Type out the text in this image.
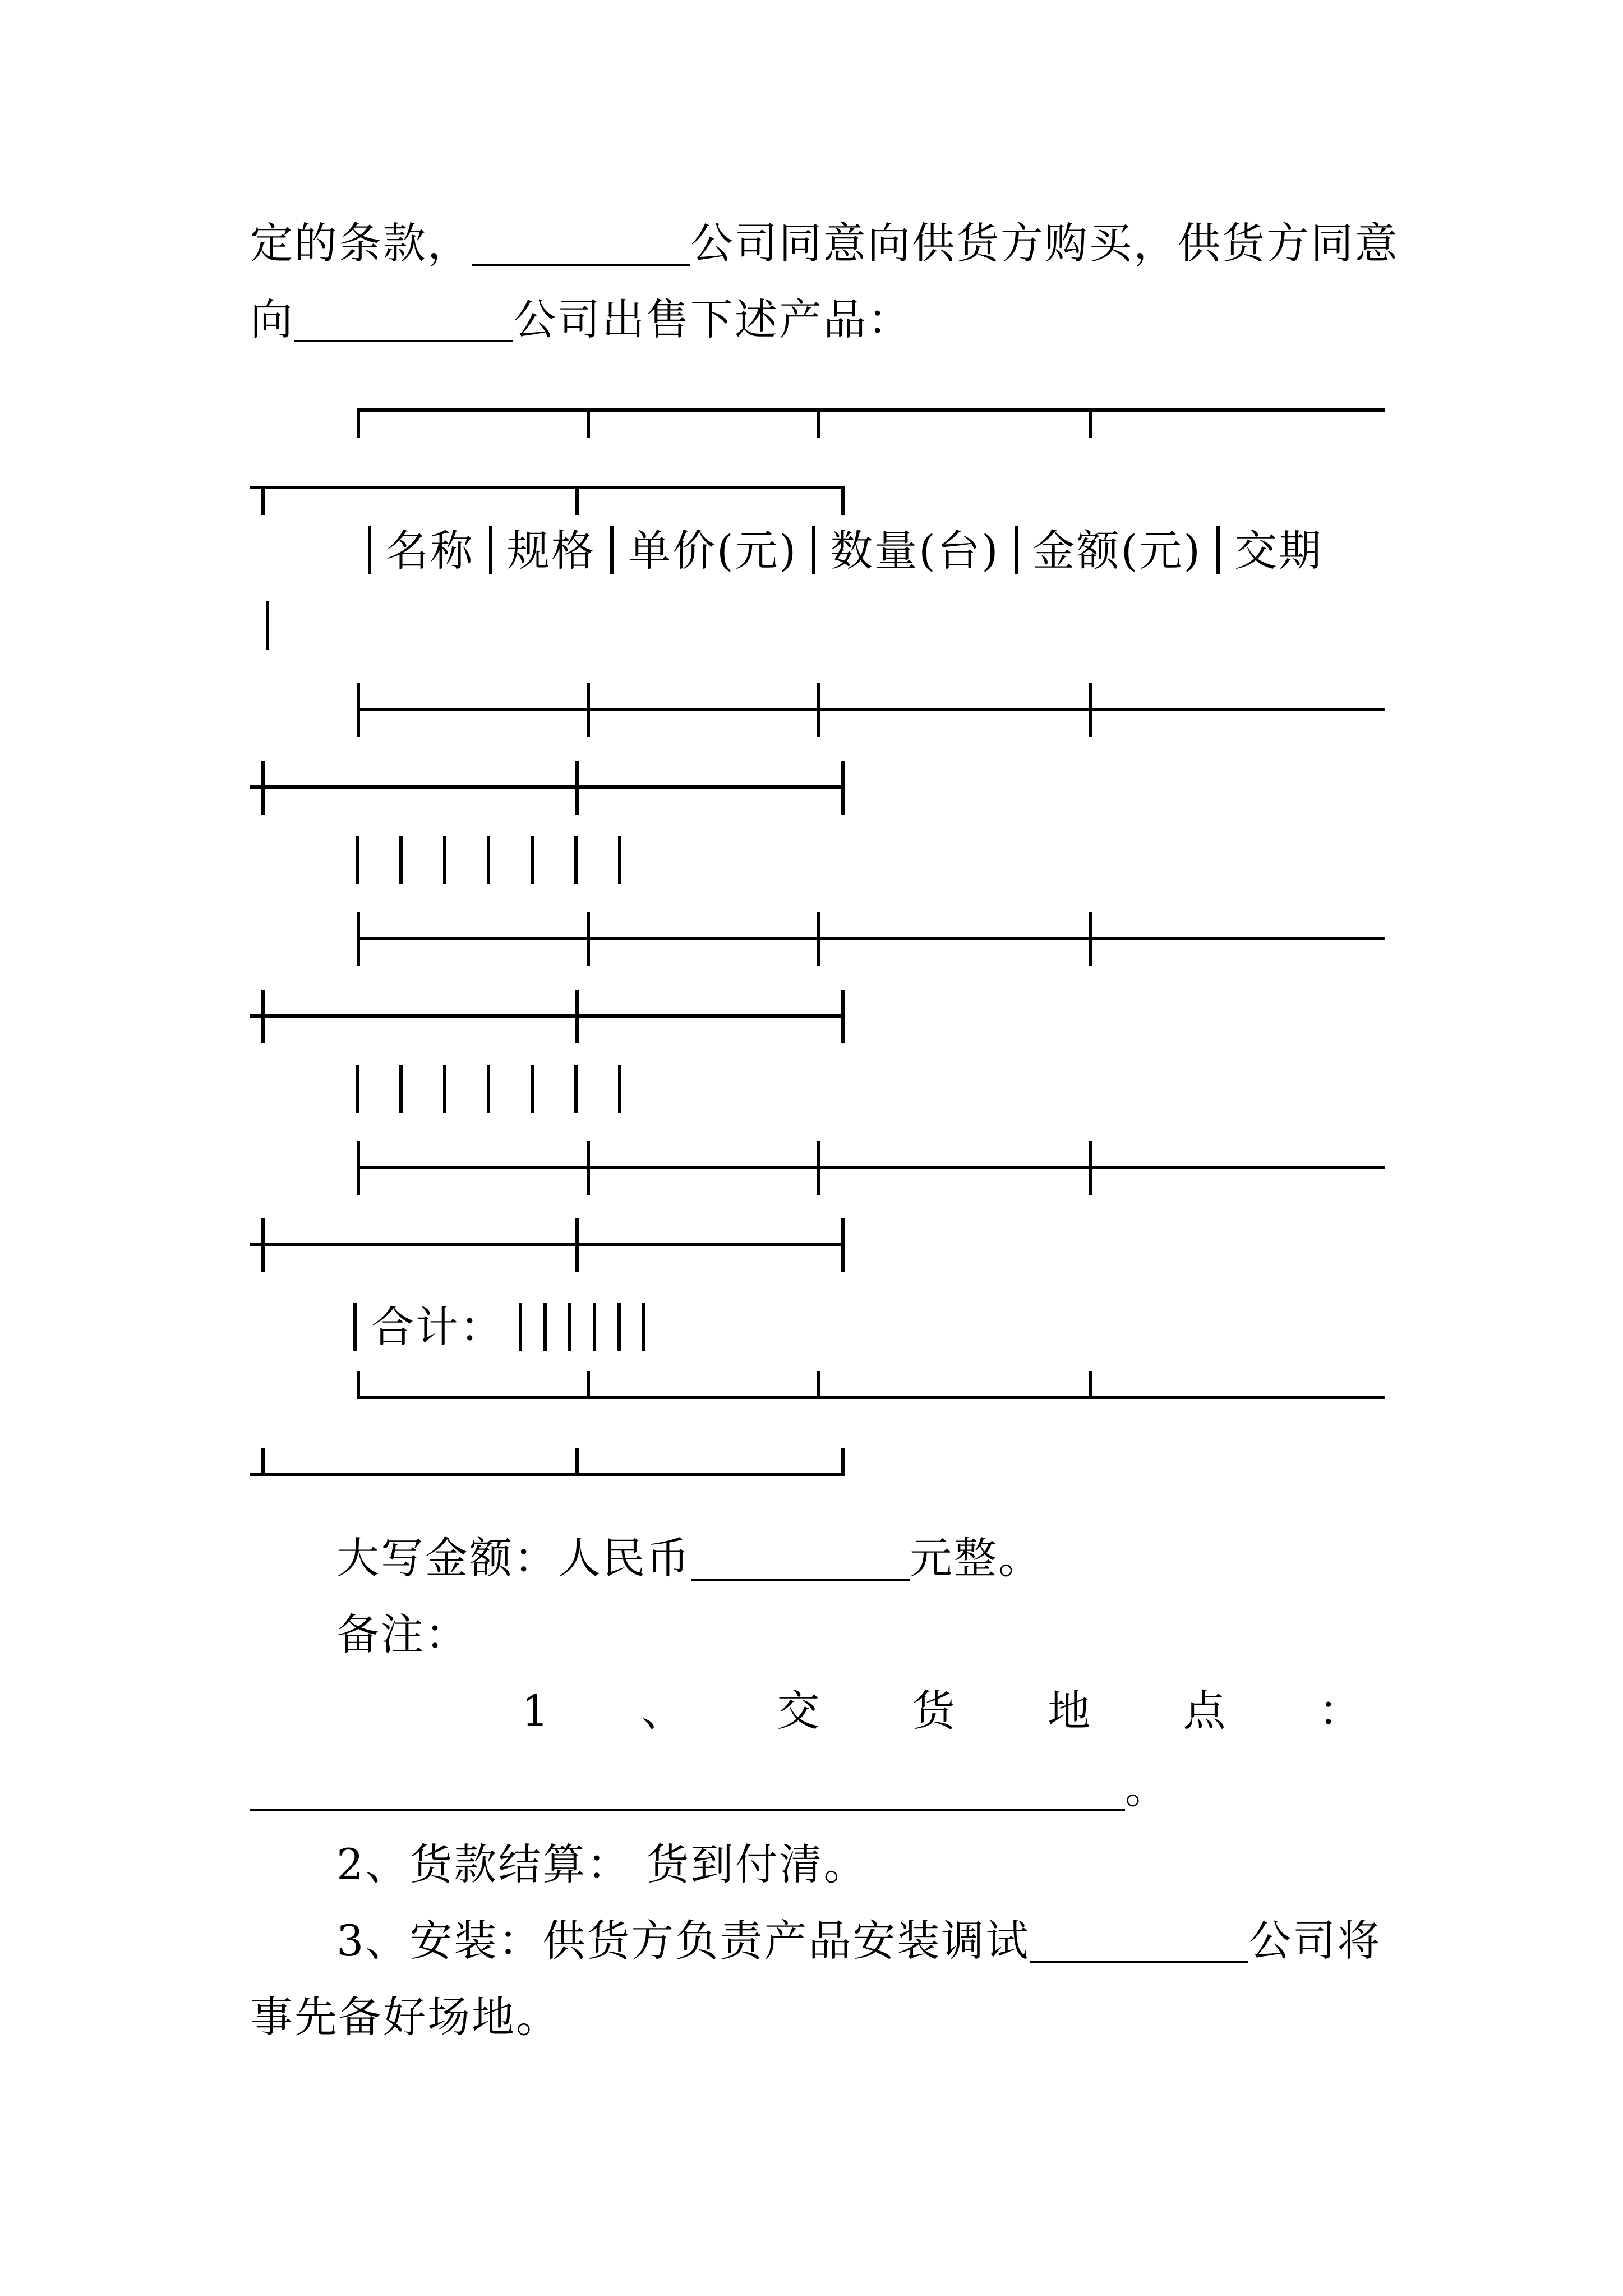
定的条款，	公司同意向供货方购买，供货方同意
向	公司出售下述产品：
名称 规格 单价(元) 数量(台) 金额(元) 交期
合计：
大写金额：人民币	元整。
备注：
1 、 交 货 地 点 ：
。
2、货款结算： 货到付清。
3、安装：供货方负责产品安装调试	公司将
事先备好场地。
